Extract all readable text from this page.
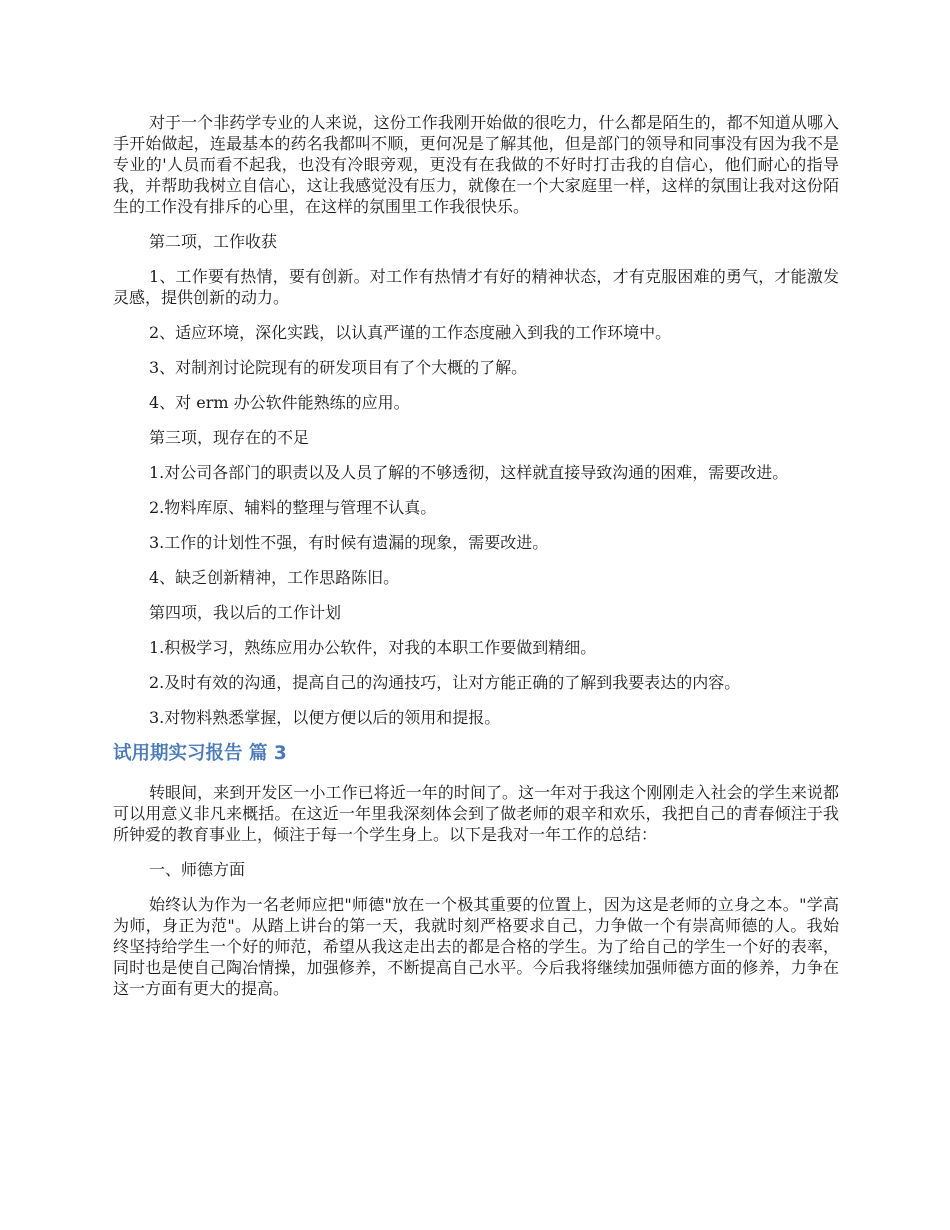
对于一个非药学专业的人来说，这份工作我刚开始做的很吃力，什么都是陌生的，都不知道从哪入手开始做起，连最基本的药名我都叫不顺，更何况是了解其他，但是部门的领导和同事没有因为我不是专业的'人员而看不起我，也没有冷眼旁观，更没有在我做的不好时打击我的自信心，他们耐心的指导我，并帮助我树立自信心，这让我感觉没有压力，就像在一个大家庭里一样，这样的氛围让我对这份陌生的工作没有排斥的心里，在这样的氛围里工作我很快乐。

第二项，工作收获

1、工作要有热情，要有创新。对工作有热情才有好的精神状态，才有克服困难的勇气，才能激发灵感，提供创新的动力。

2、适应环境，深化实践，以认真严谨的工作态度融入到我的工作环境中。

3、对制剂讨论院现有的研发项目有了个大概的了解。

4、对 erm 办公软件能熟练的应用。

第三项，现存在的不足

1.对公司各部门的职责以及人员了解的不够透彻，这样就直接导致沟通的困难，需要改进。

2.物料库原、辅料的整理与管理不认真。

3.工作的计划性不强，有时候有遗漏的现象，需要改进。

4、缺乏创新精神，工作思路陈旧。

第四项，我以后的工作计划

1.积极学习，熟练应用办公软件，对我的本职工作要做到精细。

2.及时有效的沟通，提高自己的沟通技巧，让对方能正确的了解到我要表达的内容。

3.对物料熟悉掌握，以便方便以后的领用和提报。

试用期实习报告 篇 3

转眼间，来到开发区一小工作已将近一年的时间了。这一年对于我这个刚刚走入社会的学生来说都可以用意义非凡来概括。在这近一年里我深刻体会到了做老师的艰辛和欢乐，我把自己的青春倾注于我所钟爱的教育事业上，倾注于每一个学生身上。以下是我对一年工作的总结：

一、师德方面

始终认为作为一名老师应把"师德"放在一个极其重要的位置上，因为这是老师的立身之本。"学高为师，身正为范"。从踏上讲台的第一天，我就时刻严格要求自己，力争做一个有崇高师德的人。我始终坚持给学生一个好的师范，希望从我这走出去的都是合格的学生。为了给自己的学生一个好的表率，同时也是使自己陶冶情操，加强修养，不断提高自己水平。今后我将继续加强师德方面的修养，力争在这一方面有更大的提高。
